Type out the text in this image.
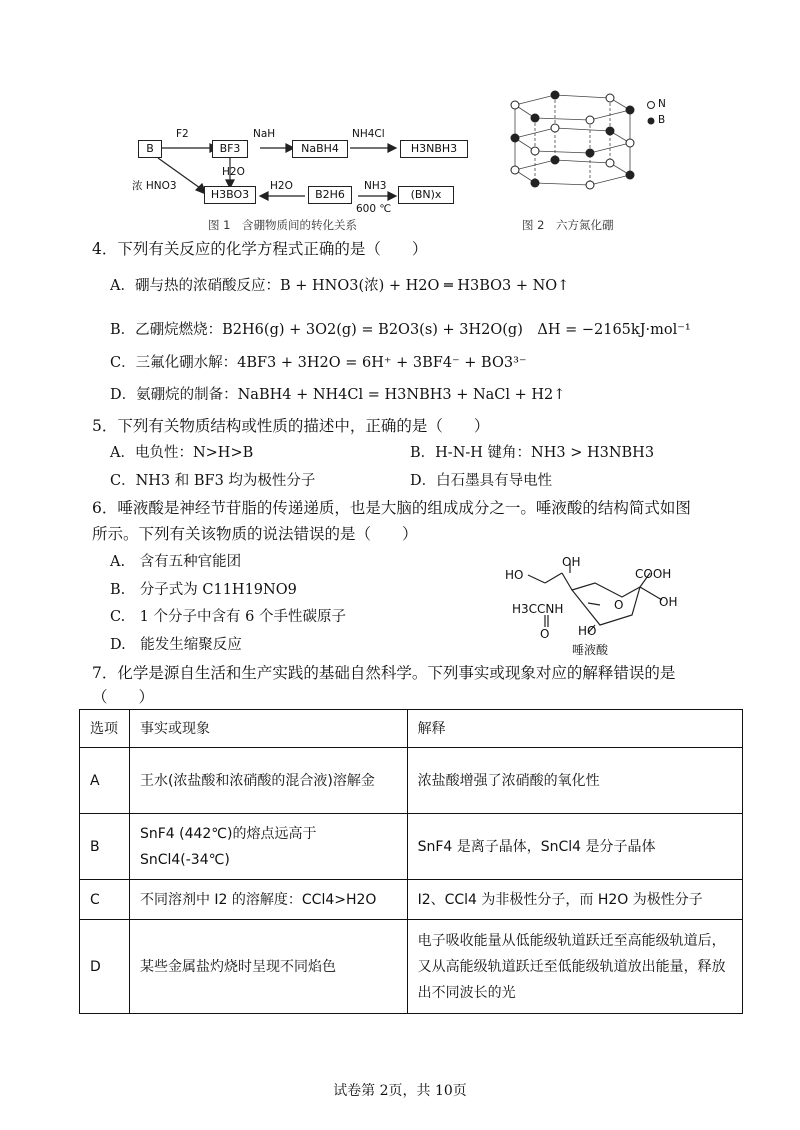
B	BF3	NaBH4	H3NBH3
H3BO3	B2H6	(BN)x
F2	NaH	NH4Cl
H2O
浓 HNO3	H2O	NH3
600 ℃
图 1　含硼物质间的转化关系
N
B
图 2　六方氮化硼
4．下列有关反应的化学方程式正确的是（　　）
A．硼与热的浓硝酸反应：B + HNO3(浓) + H2O ═ H3BO3 + NO↑
B．乙硼烷燃烧：B2H6(g) + 3O2(g) = B2O3(s) + 3H2O(g)　ΔH = −2165kJ·mol⁻¹
C．三氟化硼水解：4BF3 + 3H2O = 6H⁺ + 3BF4⁻ + BO3³⁻
D．氨硼烷的制备：NaBH4 + NH4Cl = H3NBH3 + NaCl + H2↑
5．下列有关物质结构或性质的描述中，正确的是（　　）
A．电负性：N>H>B	B．H-N-H 键角：NH3 > H3NBH3
C．NH3 和 BF3 均为极性分子	D．白石墨具有导电性
6．唾液酸是神经节苷脂的传递递质，也是大脑的组成成分之一。唾液酸的结构简式如图
所示。下列有关该物质的说法错误的是（　　）
A.　含有五种官能团
B.　分子式为 C11H19NO9
C.　1 个分子中含有 6 个手性碳原子
D.　能发生缩聚反应
HO
OH
COOH
OH
H3CCNH	O
O HO
唾液酸
7．化学是源自生活和生产实践的基础自然科学。下列事实或现象对应的解释错误的是
（　　）
选项	事实或现象	解释
A	王水(浓盐酸和浓硝酸的混合液)溶解金	浓盐酸增强了浓硝酸的氧化性
B	SnF4 (442℃)的熔点远高于SnCl4(-34℃)	SnF4 是离子晶体，SnCl4 是分子晶体
C	不同溶剂中 I2 的溶解度：CCl4>H2O	I2、CCl4 为非极性分子，而 H2O 为极性分子
D	某些金属盐灼烧时呈现不同焰色	电子吸收能量从低能级轨道跃迁至高能级轨道后，又从高能级轨道跃迁至低能级轨道放出能量，释放出不同波长的光
试卷第 2页，共 10页
